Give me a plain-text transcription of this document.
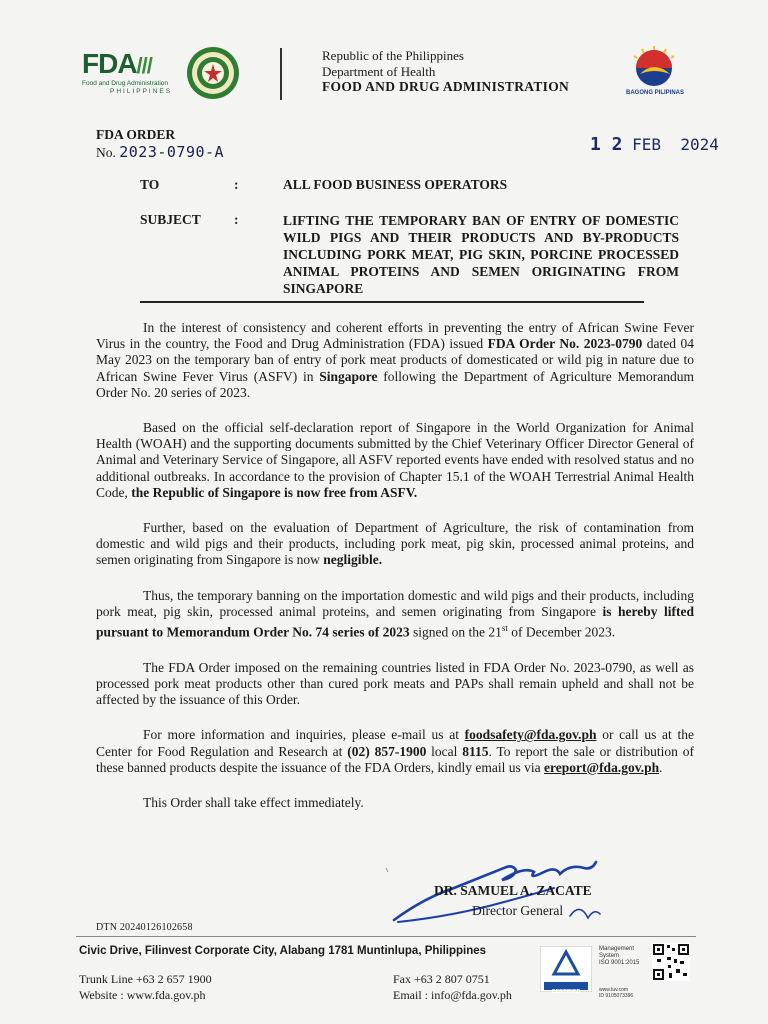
FDA///
Food and Drug Administration
PHILIPPINES
Republic of the Philippines
Department of Health
FOOD AND DRUG ADMINISTRATION	BAGONG PILIPINAS
FDA ORDER
No. 2023-0790-A	1 2 FEB  2024
TO	:	ALL FOOD BUSINESS OPERATORS
SUBJECT :	LIFTING THE TEMPORARY BAN OF ENTRY OF DOMESTIC WILD PIGS AND THEIR PRODUCTS AND BY-PRODUCTS INCLUDING PORK MEAT, PIG SKIN, PORCINE PROCESSED ANIMAL PROTEINS AND SEMEN ORIGINATING FROM SINGAPORE

In the interest of consistency and coherent efforts in preventing the entry of African Swine Fever Virus in the country, the Food and Drug Administration (FDA) issued FDA Order No. 2023-0790 dated 04 May 2023 on the temporary ban of entry of pork meat products of domesticated or wild pig in nature due to African Swine Fever Virus (ASFV) in Singapore following the Department of Agriculture Memorandum Order No. 20 series of 2023.

Based on the official self-declaration report of Singapore in the World Organization for Animal Health (WOAH) and the supporting documents submitted by the Chief Veterinary Officer Director General of Animal and Veterinary Service of Singapore, all ASFV reported events have ended with resolved status and no additional outbreaks. In accordance to the provision of Chapter 15.1 of the WOAH Terrestrial Animal Health Code, the Republic of Singapore is now free from ASFV.

Further, based on the evaluation of Department of Agriculture, the risk of contamination from domestic and wild pigs and their products, including pork meat, pig skin, processed animal proteins, and semen originating from Singapore is now negligible.

Thus, the temporary banning on the importation domestic and wild pigs and their products, including pork meat, pig skin, processed animal proteins, and semen originating from Singapore is hereby lifted pursuant to Memorandum Order No. 74 series of 2023 signed on the 21st of December 2023.

The FDA Order imposed on the remaining countries listed in FDA Order No. 2023-0790, as well as processed pork meat products other than cured pork meats and PAPs shall remain upheld and shall not be affected by the issuance of this Order.

For more information and inquiries, please e-mail us at foodsafety@fda.gov.ph or call us at the Center for Food Regulation and Research at (02) 857-1900 local 8115. To report the sale or distribution of these banned products despite the issuance of the FDA Orders, kindly email us via ereport@fda.gov.ph.

This Order shall take effect immediately.

DR. SAMUEL A. ZACATE
Director General
DTN 20240126102658
Civic Drive, Filinvest Corporate City, Alabang 1781 Muntinlupa, Philippines
Trunk Line +63 2 657 1900
Website : www.fda.gov.ph
Fax +63 2 807 0751
Email : info@fda.gov.ph
TÜVRheinland
CERTIFIED
Management
System
ISO 9001:2015
www.tuv.com
ID 9105073396
